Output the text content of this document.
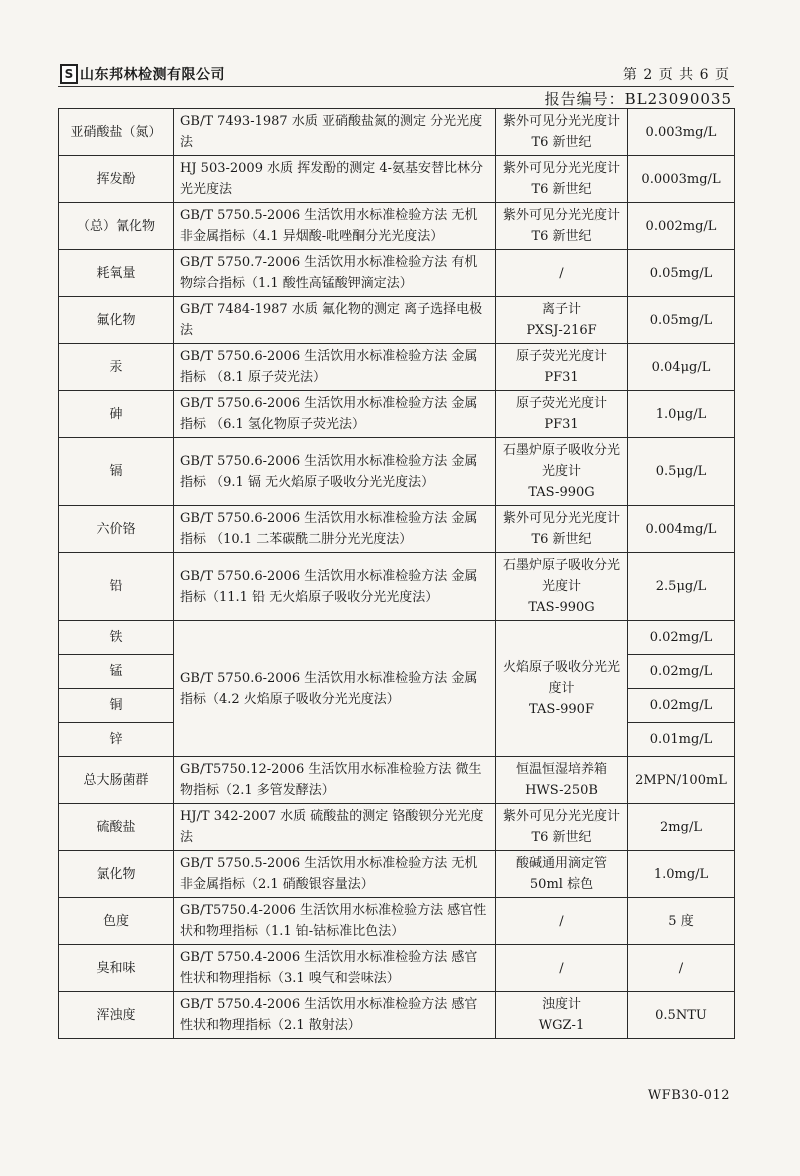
S 山东邦林检测有限公司	第 2 页 共 6 页
报告编号：BL23090035
亚硝酸盐（氮）	GB/T 7493-1987 水质 亚硝酸盐氮的测定 分光光度法	紫外可见分光光度计
T6 新世纪	0.003mg/L
挥发酚	HJ 503-2009 水质 挥发酚的测定 4-氨基安替比林分光光度法	紫外可见分光光度计
T6 新世纪	0.0003mg/L
（总）氰化物	GB/T 5750.5-2006 生活饮用水标准检验方法 无机非金属指标（4.1 异烟酸-吡唑酮分光光度法）	紫外可见分光光度计
T6 新世纪	0.002mg/L
耗氧量	GB/T 5750.7-2006 生活饮用水标准检验方法 有机物综合指标（1.1 酸性高锰酸钾滴定法）	/	0.05mg/L
氟化物	GB/T 7484-1987 水质 氟化物的测定 离子选择电极法	离子计
PXSJ-216F	0.05mg/L
汞	GB/T 5750.6-2006 生活饮用水标准检验方法 金属指标 （8.1 原子荧光法）	原子荧光光度计
PF31	0.04μg/L
砷	GB/T 5750.6-2006 生活饮用水标准检验方法 金属指标 （6.1 氢化物原子荧光法）	原子荧光光度计
PF31	1.0μg/L
镉	GB/T 5750.6-2006 生活饮用水标准检验方法 金属指标 （9.1 镉 无火焰原子吸收分光光度法）	石墨炉原子吸收分光
光度计
TAS-990G	0.5μg/L
六价铬	GB/T 5750.6-2006 生活饮用水标准检验方法 金属指标 （10.1 二苯碳酰二肼分光光度法）	紫外可见分光光度计
T6 新世纪	0.004mg/L
铅	GB/T 5750.6-2006 生活饮用水标准检验方法 金属指标（11.1 铅 无火焰原子吸收分光光度法）	石墨炉原子吸收分光
光度计
TAS-990G	2.5μg/L
铁	GB/T 5750.6-2006 生活饮用水标准检验方法 金属指标（4.2 火焰原子吸收分光光度法）	火焰原子吸收分光光
度计
TAS-990F	0.02mg/L
锰			0.02mg/L
铜			0.02mg/L
锌			0.01mg/L
总大肠菌群	GB/T5750.12-2006 生活饮用水标准检验方法 微生物指标（2.1 多管发酵法）	恒温恒湿培养箱
HWS-250B	2MPN/100mL
硫酸盐	HJ/T 342-2007 水质 硫酸盐的测定 铬酸钡分光光度法	紫外可见分光光度计
T6 新世纪	2mg/L
氯化物	GB/T 5750.5-2006 生活饮用水标准检验方法 无机非金属指标（2.1 硝酸银容量法）	酸碱通用滴定管
50ml 棕色	1.0mg/L
色度	GB/T5750.4-2006 生活饮用水标准检验方法 感官性状和物理指标（1.1 铂-钴标准比色法）	/	5 度
臭和味	GB/T 5750.4-2006 生活饮用水标准检验方法 感官性状和物理指标（3.1 嗅气和尝味法）	/	/
浑浊度	GB/T 5750.4-2006 生活饮用水标准检验方法 感官性状和物理指标（2.1 散射法）	浊度计
WGZ-1	0.5NTU
WFB30-012
